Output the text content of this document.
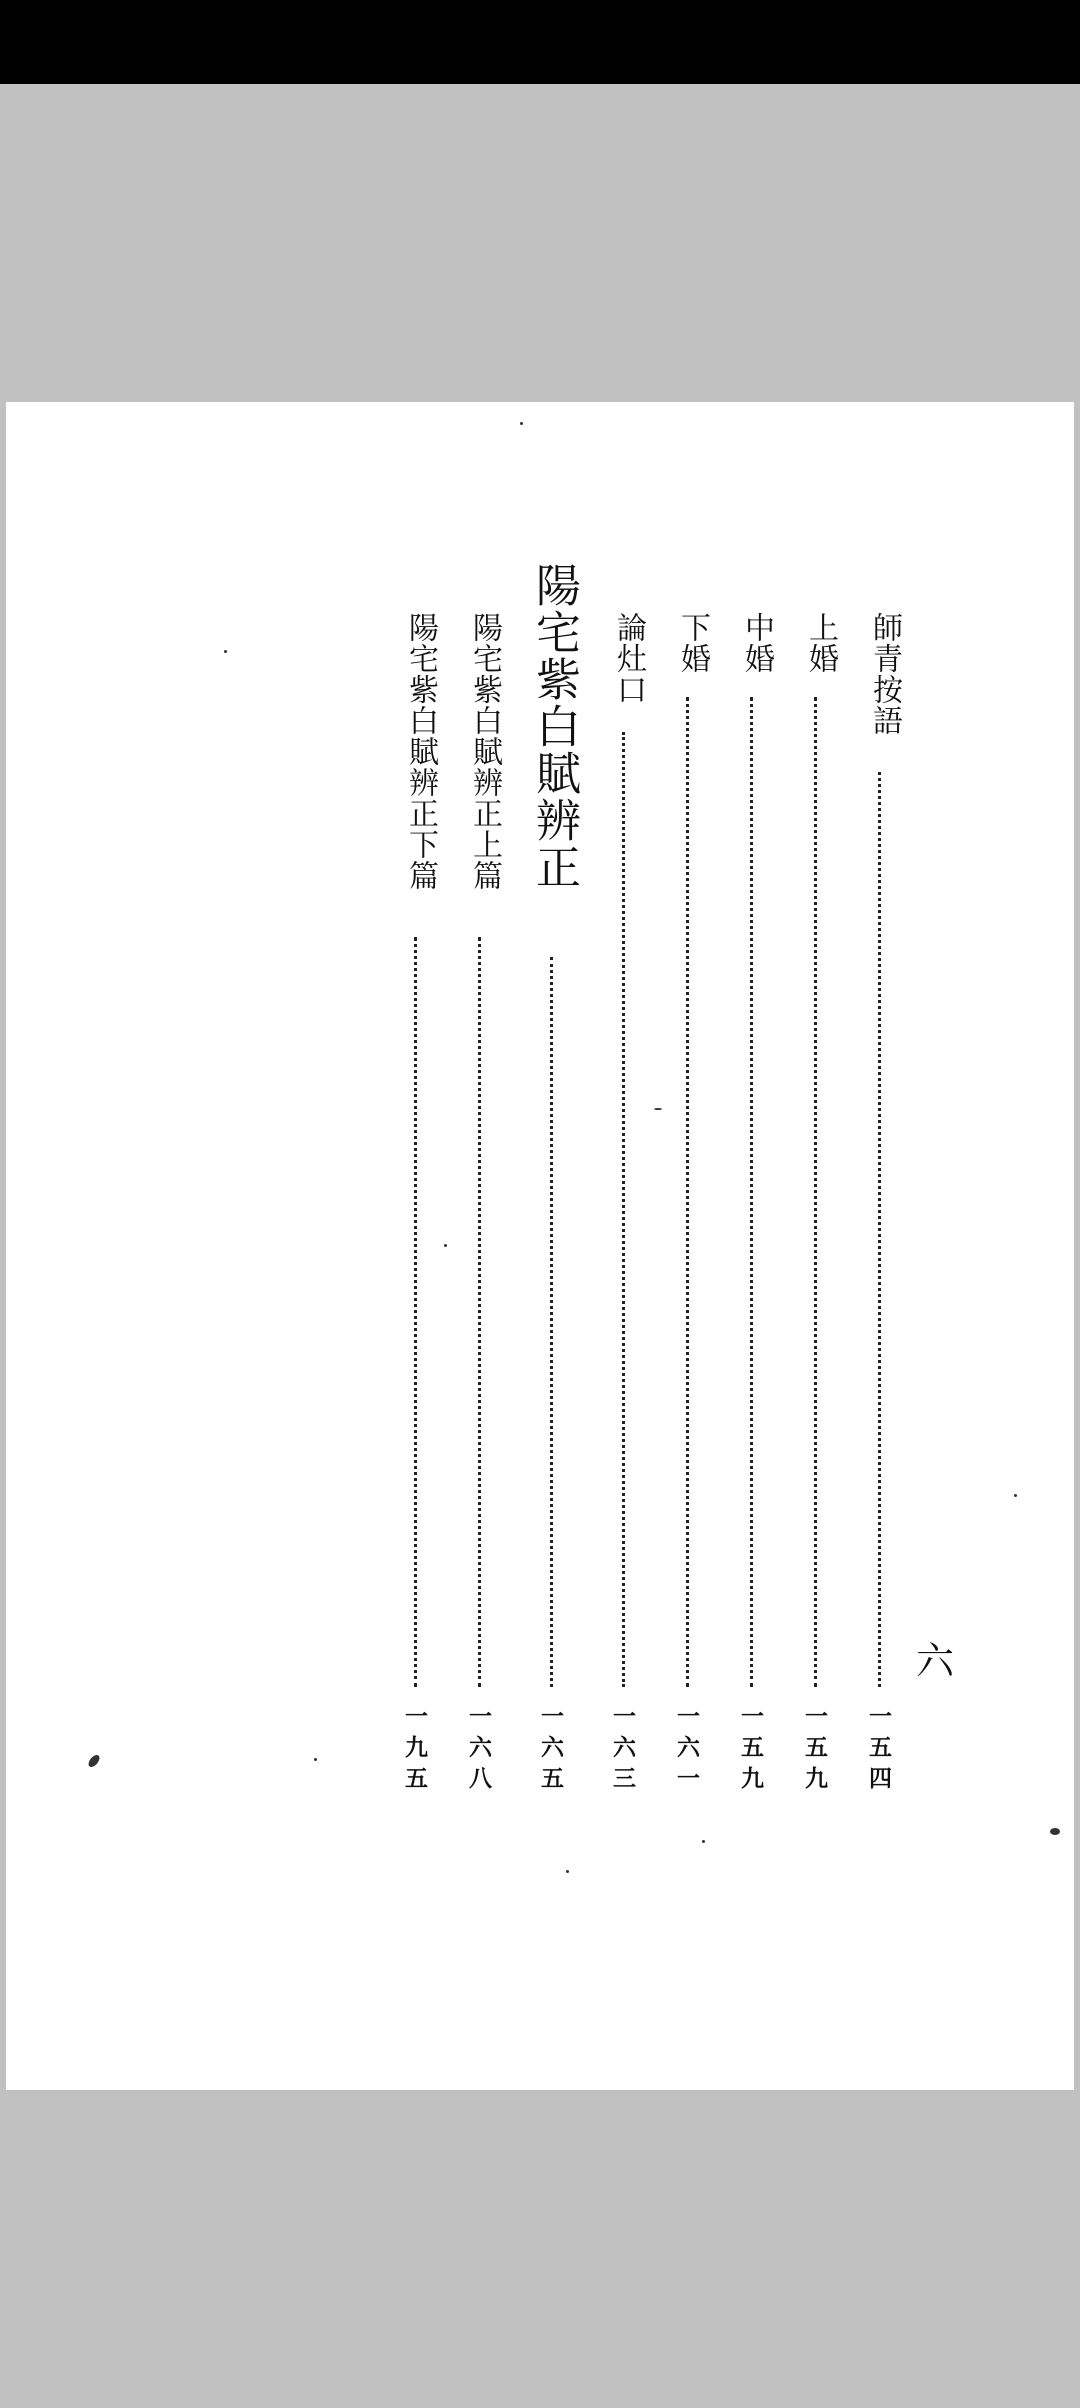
師青按語
一五四
上婚
一五九
中婚
一五九
下婚
一六一
論灶口
一六三
陽宅紫白賦辨正
一六五
陽宅紫白賦辨正上篇
一六八
陽宅紫白賦辨正下篇
一九五
六
